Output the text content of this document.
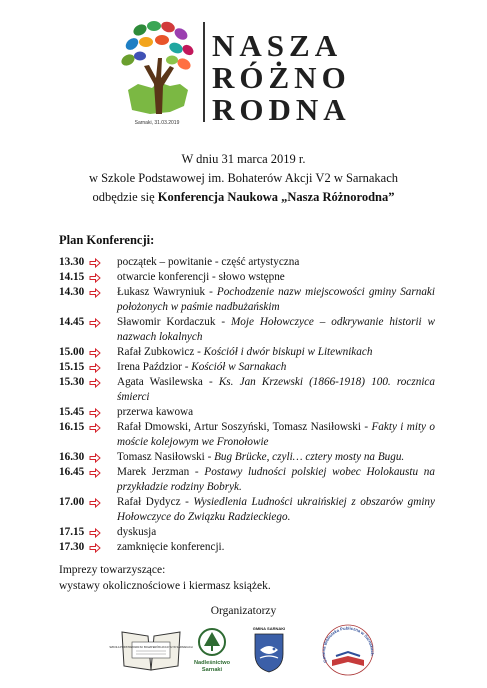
Sarnaki, 31.03.2019
NASZA
RÓŻNO
RODNA
W dniu 31 marca 2019 r.
w Szkole Podstawowej im. Bohaterów Akcji V2 w Sarnakach
odbędzie się Konferencja Naukowa „Nasza Różnorodna”
Plan Konferencji:
13.30	początek – powitanie - część artystyczna
14.15	otwarcie konferencji - słowo wstępne
14.30	Łukasz Wawryniuk - Pochodzenie nazw miejscowości gminy Sarnaki położonych w paśmie nadbużańskim
14.45	Sławomir Kordaczuk - Moje Hołowczyce – odkrywanie historii w nazwach lokalnych
15.00	Rafał Zubkowicz - Kościół i dwór biskupi w Litewnikach
15.15	Irena Paździor - Kościół w Sarnakach
15.30	Agata Wasilewska - Ks. Jan Krzewski (1866-1918) 100. rocznica śmierci
15.45	przerwa kawowa
16.15	Rafał Dmowski, Artur Soszyński, Tomasz Nasiłowski - Fakty i mity o moście kolejowym we Fronołowie
16.30	Tomasz Nasiłowski - Bug Brücke, czyli… cztery mosty na Bugu.
16.45	Marek Jerzman - Postawy ludności polskiej wobec Holokaustu na przykładzie rodziny Bobryk.
17.00	Rafał Dydycz - Wysiedlenia Ludności ukraińskiej z obszarów gminy Hołowczyce do Związku Radzieckiego.
17.15	dyskusja
17.30	zamknięcie konferencji.
Imprezy towarzyszące:
wystawy okolicznościowe i kiermasz książek.
Organizatorzy
SZKOŁA PODSTAWOWA IM. BOHATERÓW AKCJI V2 W SARNAKACH
Nadleśnictwo
Sarnaki
GMINA SARNAKI
Gminna Biblioteka Publiczna w Sarnakach
